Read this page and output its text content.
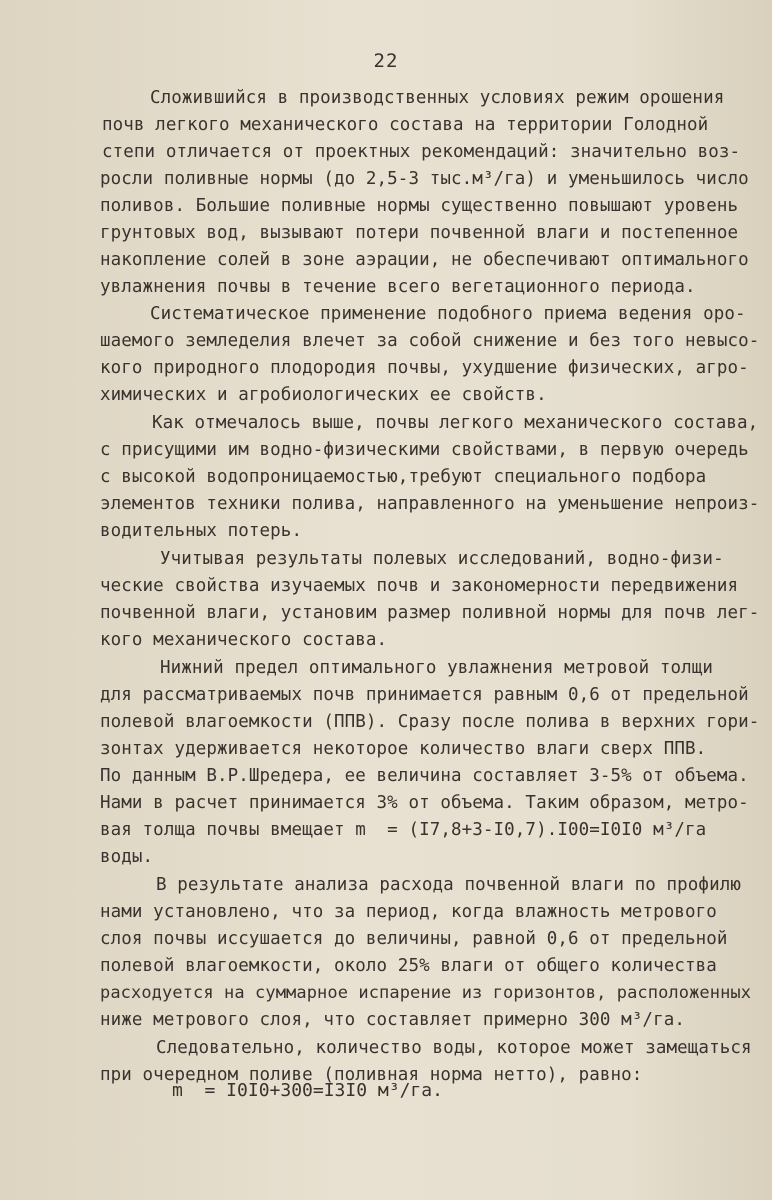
22
Сложившийся в производственных условиях режим орошения
почв легкого механического состава на территории Голодной
степи отличается от проектных рекомендаций: значительно воз-
росли поливные нормы (до 2,5-3 тыс.м³/га) и уменьшилось число
поливов. Большие поливные нормы существенно повышают уровень
грунтовых вод, вызывают потери почвенной влаги и постепенное
накопление солей в зоне аэрации, не обеспечивают оптимального
увлажнения почвы в течение всего вегетационного периода.
Систематическое применение подобного приема ведения оро-
шаемого земледелия влечет за собой снижение и без того невысо-
кого природного плодородия почвы, ухудшение физических, агро-
химических и агробиологических ее свойств.
Как отмечалось выше, почвы легкого механического состава,
с присущими им водно-физическими свойствами, в первую очередь
с высокой водопроницаемостью,требуют специального подбора
элементов техники полива, направленного на уменьшение непроиз-
водительных потерь.
Учитывая результаты полевых исследований, водно-физи-
ческие свойства изучаемых почв и закономерности передвижения
почвенной влаги, установим размер поливной нормы для почв лег-
кого механического состава.
Нижний предел оптимального увлажнения метровой толщи
для рассматриваемых почв принимается равным 0,6 от предельной
полевой влагоемкости (ППВ). Сразу после полива в верхних гори-
зонтах удерживается некоторое количество влаги сверх ППВ.
По данным В.Р.Шредера, ее величина составляет 3-5% от объема.
Нами в расчет принимается 3% от объема. Таким образом, метро-
вая толща почвы вмещает m  = (I7,8+3-I0,7).I00=I0I0 м³/га
воды.
В результате анализа расхода почвенной влаги по профилю
нами установлено, что за период, когда влажность метрового
слоя почвы иссушается до величины, равной 0,6 от предельной
полевой влагоемкости, около 25% влаги от общего количества
расходуется на суммарное испарение из горизонтов, расположенных
ниже метрового слоя, что составляет примерно 300 м³/га.
Следовательно, количество воды, которое может замещаться
при очередном поливе (поливная норма нетто), равно:
m  = I0I0+300=I3I0 м³/га.
